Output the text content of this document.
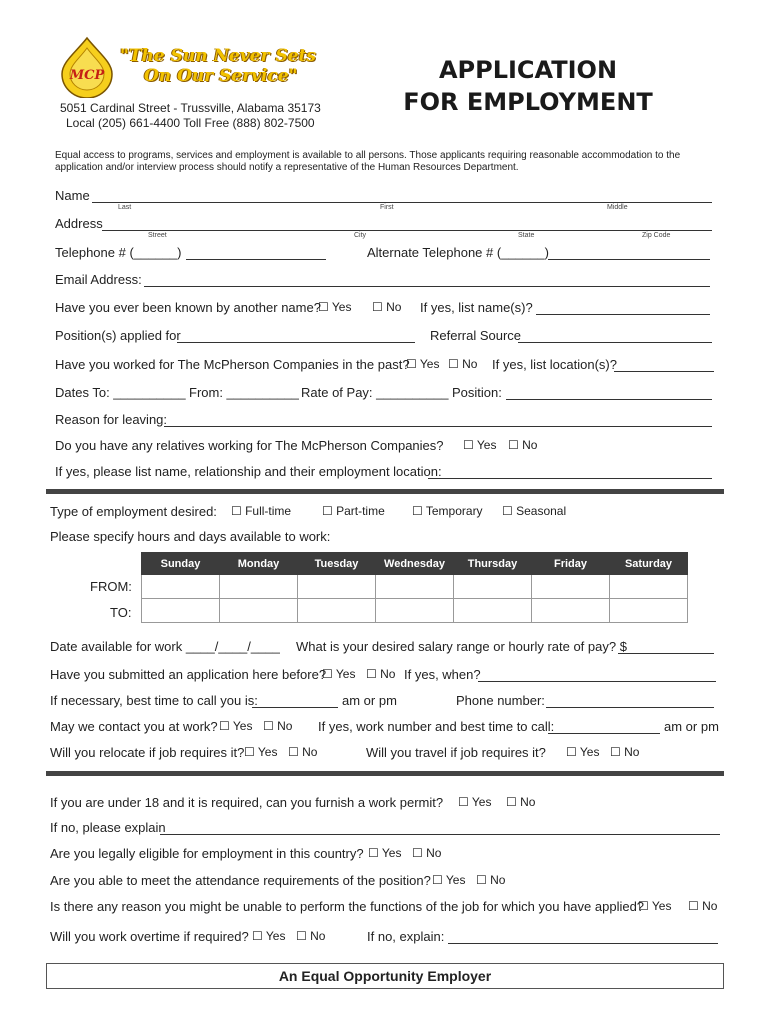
MCP
"The Sun Never Sets
On Our Service"
5051 Cardinal Street - Trussville, Alabama 35173
Local (205) 661-4400 Toll Free (888) 802-7500
APPLICATION
FOR EMPLOYMENT
Equal access to programs, services and employment is available to all persons. Those applicants requiring reasonable accommodation to the
application and/or interview process should notify a representative of the Human Resources Department.
Name
Last	First	Middle
Address
Street	City	State	Zip Code
Telephone # (______)	Alternate Telephone # (______)
Email Address:
Have you ever been known by another name?
☐ Yes ☐ No If yes, list name(s)?
Position(s) applied for	Referral Source
Have you worked for The McPherson Companies in the past?
☐ Yes ☐ No If yes, list location(s)?
Dates To: __________ From: __________ Rate of Pay: __________ Position:
Reason for leaving:
Do you have any relatives working for The McPherson Companies? ☐ Yes ☐ No
If yes, please list name, relationship and their employment location:
Type of employment desired: ☐ Full-time	☐ Part-time ☐ Temporary ☐ Seasonal
Please specify hours and days available to work:
Sunday	Monday	Tuesday	Wednesday	Thursday	Friday	Saturday

FROM:
TO:
Date available for work ____/____/____ What is your desired salary range or hourly rate of pay? $
Have you submitted an application here before?
☐ Yes ☐ No If yes, when?
If necessary, best time to call you is:	am or pm	Phone number:
May we contact you at work? ☐ Yes ☐ No If yes, work number and best time to call:	am or pm
Will you relocate if job requires it? ☐ Yes ☐ No	Will you travel if job requires it? ☐ Yes ☐ No
If you are under 18 and it is required, can you furnish a work permit? ☐ Yes ☐ No
If no, please explain
Are you legally eligible for employment in this country? ☐ Yes ☐ No
Are you able to meet the attendance requirements of the position? ☐ Yes ☐ No
Is there any reason you might be unable to perform the functions of the job for which you have applied?
☐ Yes ☐ No
Will you work overtime if required? ☐ Yes ☐ No	If no, explain:
An Equal Opportunity Employer
